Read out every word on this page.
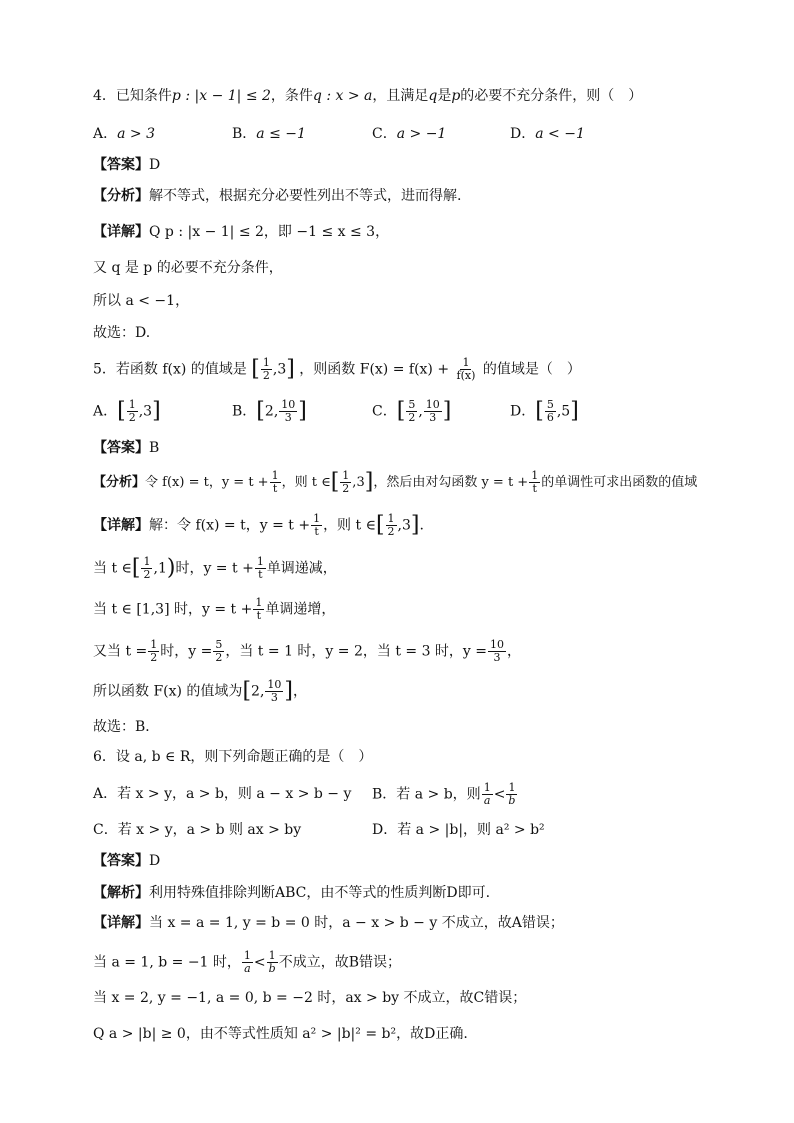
4．已知条件p : |x − 1| ≤ 2，条件q : x > a，且满足q是p的必要不充分条件，则（　）
A．a > 3	B．a ≤ −1	C．a > −1	D．a < −1
【答案】D
【分析】解不等式，根据充分必要性列出不等式，进而得解.
【详解】Q p : |x − 1| ≤ 2，即 −1 ≤ x ≤ 3，
又 q 是 p 的必要不充分条件，
所以 a < −1，
故选：D.
5．若函数 f(x) 的值域是 [ $\frac{1}{2} ,3$] ，则函数 $F(x) = f(x) + \frac{1}{f(x)}$ 的值域是（　）
A．[ $\frac{1}{2} ,3$]	B．[2, $\frac{10}{3}$ ]	C．[ $\frac{5}{2}$ , $\frac{10}{3}$ ]	D．[ $\frac{5}{6} ,5$]
【答案】B
【分析】令 f(x) = t，$y = t + \frac{1}{t}$ ，则 t ∈[ $\frac{1}{2} ,3$]，然后由对勾函数 $y = t + \frac{1}{t}$ 的单调性可求出函数的值域
【详解】解：令 f(x) = t，$y = t + \frac{1}{t}$ ，则 t ∈[ $\frac{1}{2} ,3$].
当 t ∈[ $\frac{1}{2} ,1$)时，$y = t + \frac{1}{t}$ 单调递减，
当 t ∈ [1,3] 时，$y = t + \frac{1}{t}$ 单调递增，
又当 $t = \frac{1}{2}$ 时，$y = \frac{5}{2}$ ，当 t = 1 时，y = 2，当 t = 3 时，$y = \frac{10}{3}$ ，
所以函数 F(x) 的值域为[2, $\frac{10}{3}$ ]，
故选：B．
6．设 a, b ∈ R，则下列命题正确的是（　）
A．若 x > y，a > b，则 a − x > b − y B．若 a > b，则 $\frac{1}{a} < \frac{1}{b}$
C．若 x > y，a > b 则 ax > by	D．若 a > |b|，则 a² > b²
【答案】D
【解析】利用特殊值排除判断ABC，由不等式的性质判断D即可.
【详解】当 x = a = 1, y = b = 0 时，a − x > b − y 不成立，故A错误；
当 a = 1, b = −1 时， $\frac{1}{a} < \frac{1}{b}$ 不成立，故B错误；
当 x = 2, y = −1, a = 0, b = −2 时，ax > by 不成立，故C错误；
Q a > |b| ≥ 0，由不等式性质知 a² > |b|² = b²，故D正确.
